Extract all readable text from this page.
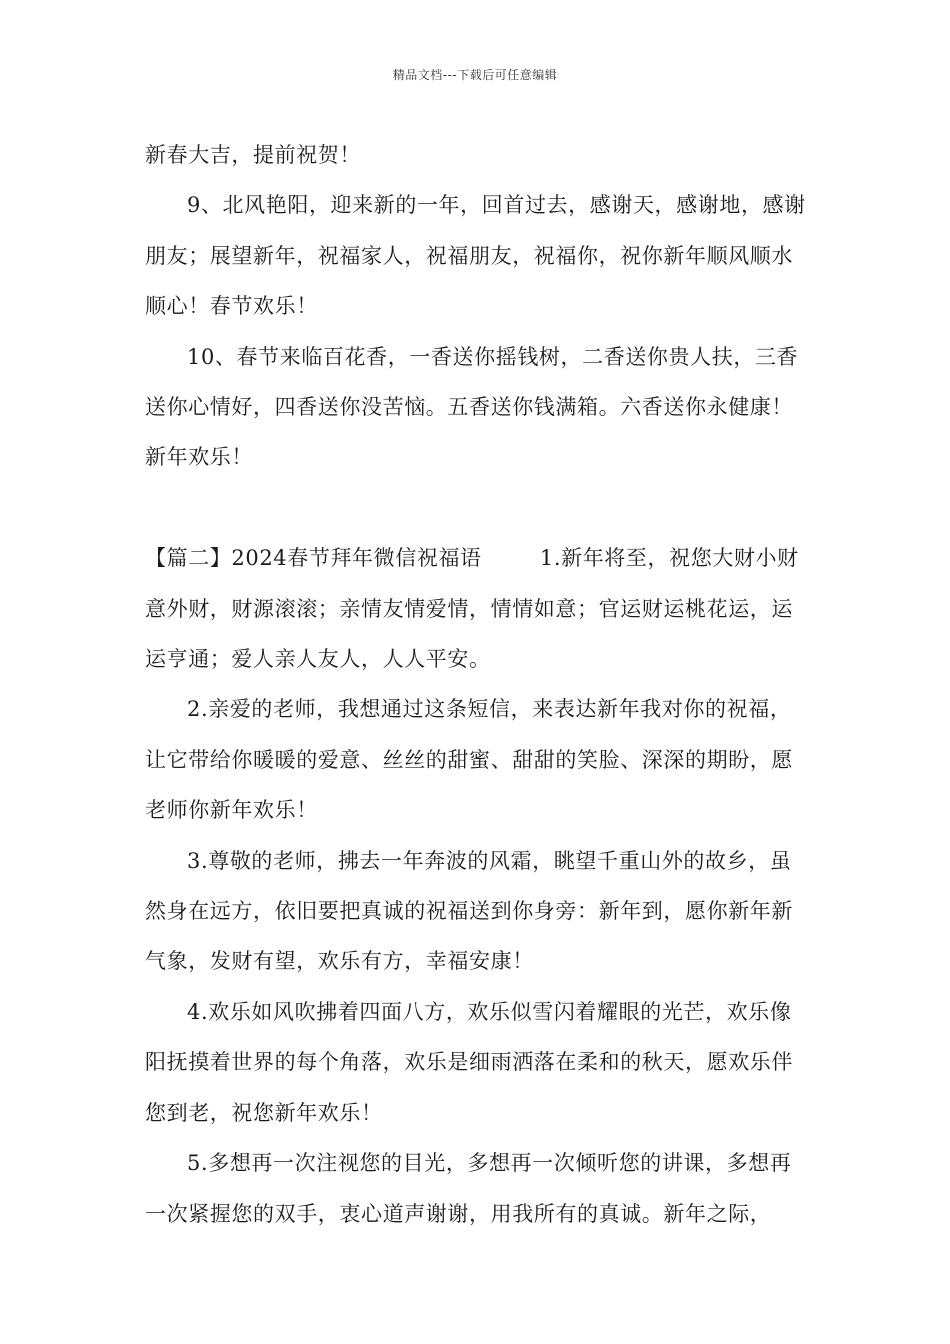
精品文档---下载后可任意编辑

新春大吉，提前祝贺！

9、北风艳阳，迎来新的一年，回首过去，感谢天，感谢地，感谢朋友；展望新年，祝福家人，祝福朋友，祝福你，祝你新年顺风顺水顺心！春节欢乐！

10、春节来临百花香，一香送你摇钱树，二香送你贵人扶，三香送你心情好，四香送你没苦恼。五香送你钱满箱。六香送你永健康！新年欢乐！

【篇二】2024春节拜年微信祝福语	1.新年将至，祝您大财小财意外财，财源滚滚；亲情友情爱情，情情如意；官运财运桃花运，运运亨通；爱人亲人友人，人人平安。

2.亲爱的老师，我想通过这条短信，来表达新年我对你的祝福，让它带给你暖暖的爱意、丝丝的甜蜜、甜甜的笑脸、深深的期盼，愿老师你新年欢乐！

3.尊敬的老师，拂去一年奔波的风霜，眺望千重山外的故乡，虽然身在远方，依旧要把真诚的祝福送到你身旁：新年到，愿你新年新气象，发财有望，欢乐有方，幸福安康！

4.欢乐如风吹拂着四面八方，欢乐似雪闪着耀眼的光芒，欢乐像阳抚摸着世界的每个角落，欢乐是细雨洒落在柔和的秋天，愿欢乐伴您到老，祝您新年欢乐！

5.多想再一次注视您的目光，多想再一次倾听您的讲课，多想再一次紧握您的双手，衷心道声谢谢，用我所有的真诚。新年之际，
